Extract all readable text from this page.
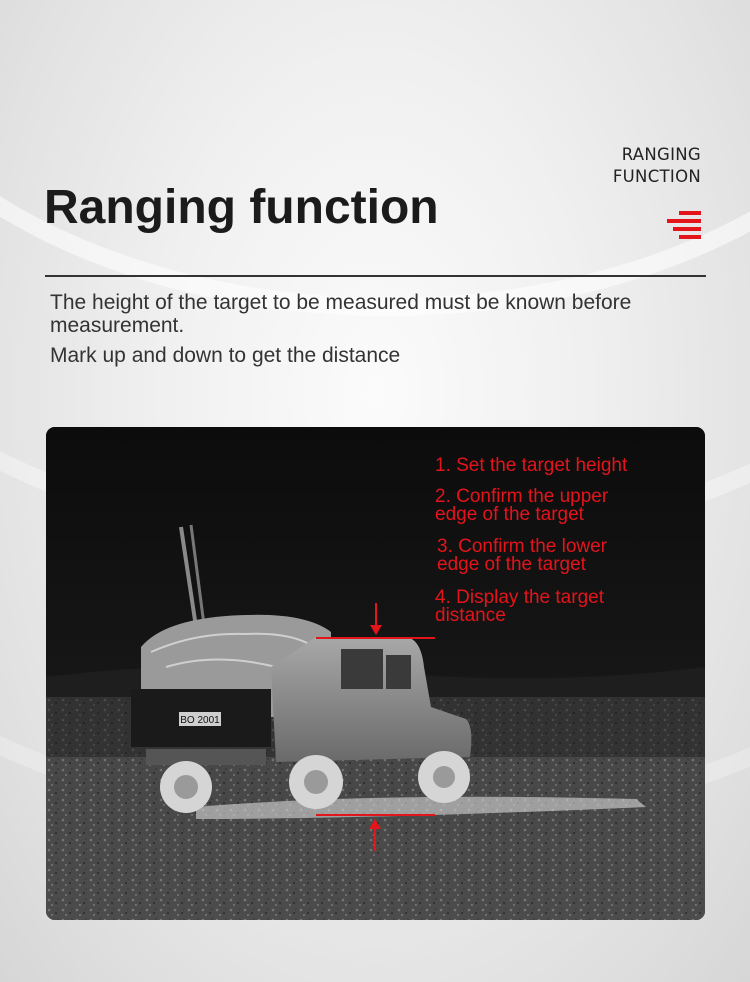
RANGING
FUNCTION
Ranging function
The height of the target to be measured must be known before measurement.
Mark up and down to get the distance
BO 2001
1. Set the target height
2. Confirm the upper
edge of the target
3. Confirm the lower
edge of the target
4. Display the target
distance
